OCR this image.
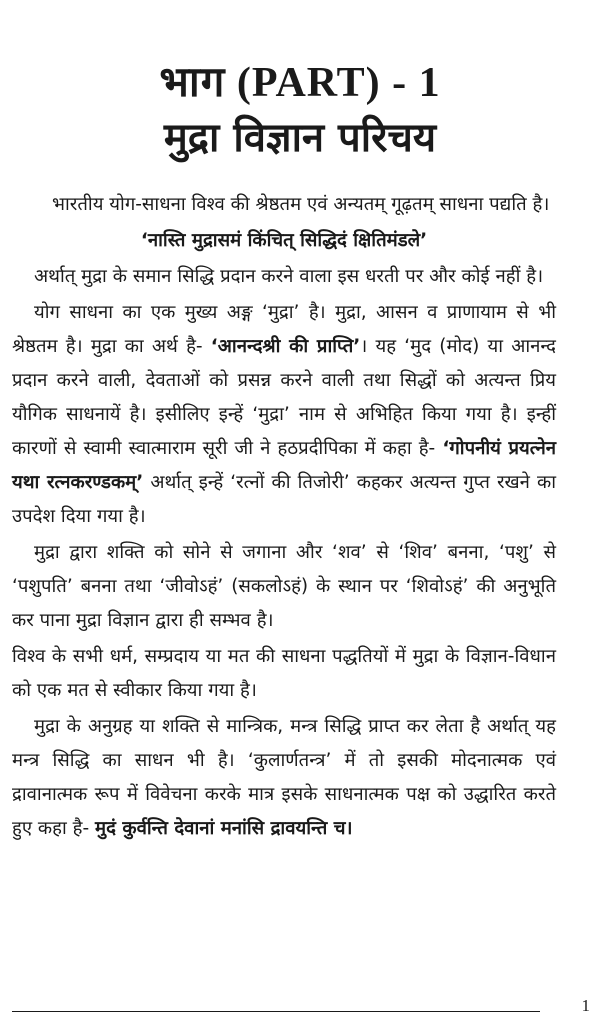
भाग (PART) - 1
मुद्रा विज्ञान परिचय

भारतीय योग-साधना विश्व की श्रेष्ठतम एवं अन्यतम् गूढ़तम् साधना पद्यति है।

‘नास्ति मुद्रासमं किंचित् सिद्धिदं क्षितिमंडले’

अर्थात् मुद्रा के समान सिद्धि प्रदान करने वाला इस धरती पर और कोई नहीं है।

योग साधना का एक मुख्य अङ्ग ‘मुद्रा’ है। मुद्रा, आसन व प्राणायाम से भी श्रेष्ठतम है। मुद्रा का अर्थ है- ‘आनन्दश्री की प्राप्ति’। यह ‘मुद (मोद) या आनन्द प्रदान करने वाली, देवताओं को प्रसन्न करने वाली तथा सिद्धों को अत्यन्त प्रिय यौगिक साधनायें है। इसीलिए इन्हें ‘मुद्रा’ नाम से अभिहित किया गया है। इन्हीं कारणों से स्वामी स्वात्माराम सूरी जी ने हठप्रदीपिका में कहा है- ‘गोपनीयं प्रयत्नेन यथा रत्नकरण्डकम्’ अर्थात् इन्हें ‘रत्नों की तिजोरी’ कहकर अत्यन्त गुप्त रखने का उपदेश दिया गया है।

मुद्रा द्वारा शक्ति को सोने से जगाना और ‘शव’ से ‘शिव’ बनना, ‘पशु’ से ‘पशुपति’ बनना तथा ‘जीवोऽहं’ (सकलोऽहं) के स्थान पर ‘शिवोऽहं’ की अनुभूति कर पाना मुद्रा विज्ञान द्वारा ही सम्भव है।

विश्व के सभी धर्म, सम्प्रदाय या मत की साधना पद्धतियों में मुद्रा के विज्ञान-विधान को एक मत से स्वीकार किया गया है।

मुद्रा के अनुग्रह या शक्ति से मान्त्रिक, मन्त्र सिद्धि प्राप्त कर लेता है अर्थात् यह मन्त्र सिद्धि का साधन भी है। ‘कुलार्णतन्त्र’ में तो इसकी मोदनात्मक एवं द्रावानात्मक रूप में विवेचना करके मात्र इसके साधनात्मक पक्ष को उद्धारित करते हुए कहा है- मुदं कुर्वन्ति देवानां मनांसि द्रावयन्ति च।

1
